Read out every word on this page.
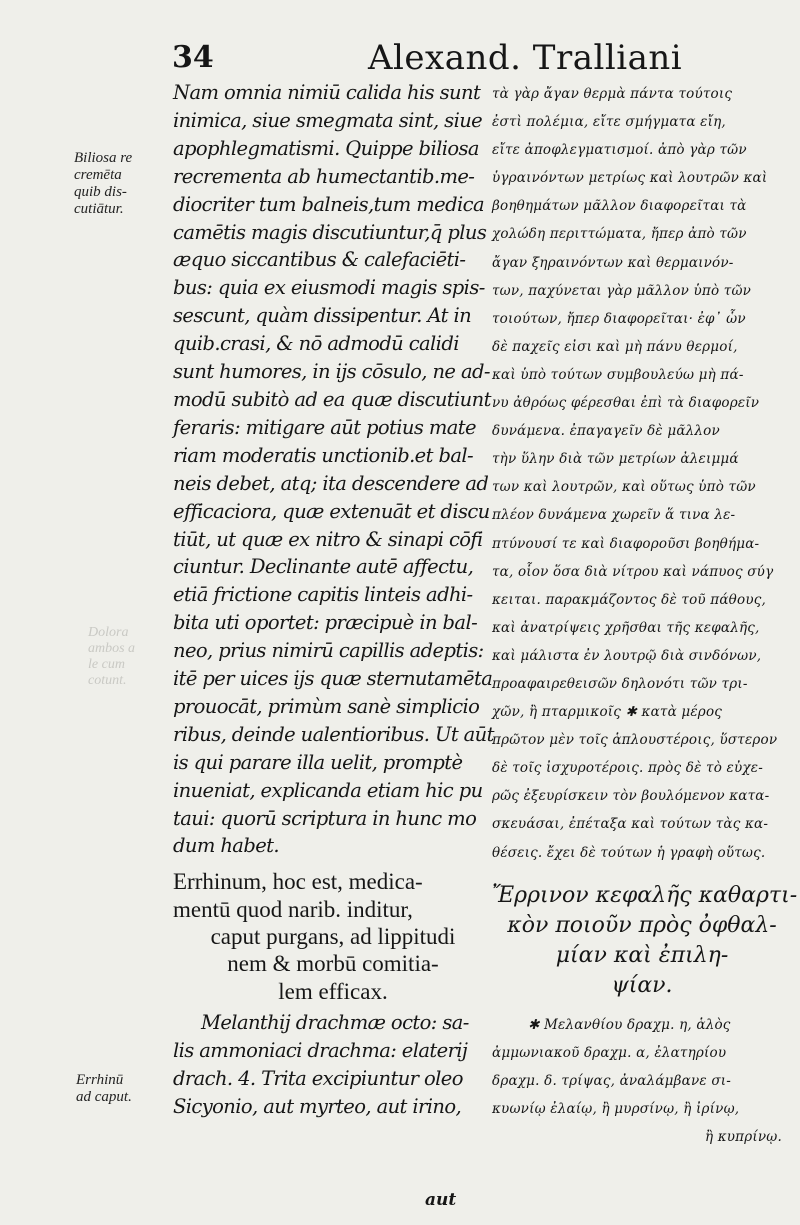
34	Alexand. Tralliani
Biliosa re
cremēta
quib dis-
cutiātur.
Dolora
ambos a
le cum
cotunt.
Errhinū
ad caput.
Nam omnia nimiū calida his sunt
inimica, siue smegmata sint, siue
apophlegmatismi. Quippe biliosa
recrementa ab humectantib.me-
diocriter tum balneis,tum medica
camētis magis discutiuntur,q̄ plus
æquo siccantibus & calefaciēti-
bus: quia ex eiusmodi magis spis-
sescunt, quàm dissipentur. At in
quib.crasi, & nō admodū calidi
sunt humores, in ijs cōsulo, ne ad-
modū subitò ad ea quæ discutiunt
feraris: mitigare aūt potius mate
riam moderatis unctionib.et bal-
neis debet, atq; ita descendere ad
efficaciora, quæ extenuāt et discu
tiūt, ut quæ ex nitro & sinapi cōfi
ciuntur. Declinante autē affectu,
etiā frictione capitis linteis adhi-
bita uti oportet: præcipuè in bal-
neo, prius nimirū capillis adeptis:
itē per uices ijs quæ sternutamēta
prouocāt, primùm sanè simplicio
ribus, deinde ualentioribus. Ut aūt
is qui parare illa uelit, promptè
inueniat, explicanda etiam hic pu
taui: quorū scriptura in hunc mo
dum habet.
Errhinum, hoc est, medica-
mentū quod narib. inditur,
caput purgans, ad lippitudi
nem & morbū comitia-
lem efficax.
Melanthij drachmæ octo: sa-
lis ammoniaci drachma: elaterij
drach. 4. Trita excipiuntur oleo
Sicyonio, aut myrteo, aut irino,
τὰ γὰρ ἄγαν θερμὰ πάντα τούτοις
ἐστὶ πολέμια, εἴτε σμήγματα εἴη,
εἴτε ἀποφλεγματισμοί. ἀπὸ γὰρ τῶν
ὑγραινόντων μετρίως καὶ λουτρῶν καὶ
βοηθημάτων μᾶλλον διαφορεῖται τὰ
χολώδη περιττώματα, ἤπερ ἀπὸ τῶν
ἄγαν ξηραινόντων καὶ θερμαινόν-
των, παχύνεται γὰρ μᾶλλον ὑπὸ τῶν
τοιούτων, ἤπερ διαφορεῖται· ἐφ᾽ ὧν
δὲ παχεῖς εἰσι καὶ μὴ πάνυ θερμοί,
καὶ ὑπὸ τούτων συμβουλεύω μὴ πά-
νυ ἀθρόως φέρεσθαι ἐπὶ τὰ διαφορεῖν
δυνάμενα. ἐπαγαγεῖν δὲ μᾶλλον
τὴν ὕλην διὰ τῶν μετρίων ἀλειμμά
των καὶ λουτρῶν, καὶ οὕτως ὑπὸ τῶν
πλέον δυνάμενα χωρεῖν ἅ τινα λε-
πτύνουσί τε καὶ διαφοροῦσι βοηθήμα-
τα, οἷον ὅσα διὰ νίτρου καὶ νάπυος σύγ
κειται. παρακμάζοντος δὲ τοῦ πάθους,
καὶ ἀνατρίψεις χρῆσθαι τῆς κεφαλῆς,
καὶ μάλιστα ἐν λουτρῷ διὰ σινδόνων,
προαφαιρεθεισῶν δηλονότι τῶν τρι-
χῶν, ἢ πταρμικοῖς ✱ κατὰ μέρος
πρῶτον μὲν τοῖς ἁπλουστέροις, ὕστερον
δὲ τοῖς ἰσχυροτέροις. πρὸς δὲ τὸ εὐχε-
ρῶς ἐξευρίσκειν τὸν βουλόμενον κατα-
σκευάσαι, ἐπέταξα καὶ τούτων τὰς κα-
θέσεις. ἔχει δὲ τούτων ἡ γραφὴ οὕτως.
Ἔρρινον κεφαλῆς καθαρτι-
κὸν ποιοῦν πρὸς ὀφθαλ-
μίαν καὶ ἐπιλη-
ψίαν.
✱ Μελανθίου δραχμ. η, ἁλὸς
ἀμμωνιακοῦ δραχμ. α, ἐλατηρίου
δραχμ. δ. τρίψας, ἀναλάμβανε σι-
κυωνίῳ ἐλαίῳ, ἢ μυρσίνῳ, ἢ ἰρίνῳ,
ἢ κυπρίνῳ.
aut
